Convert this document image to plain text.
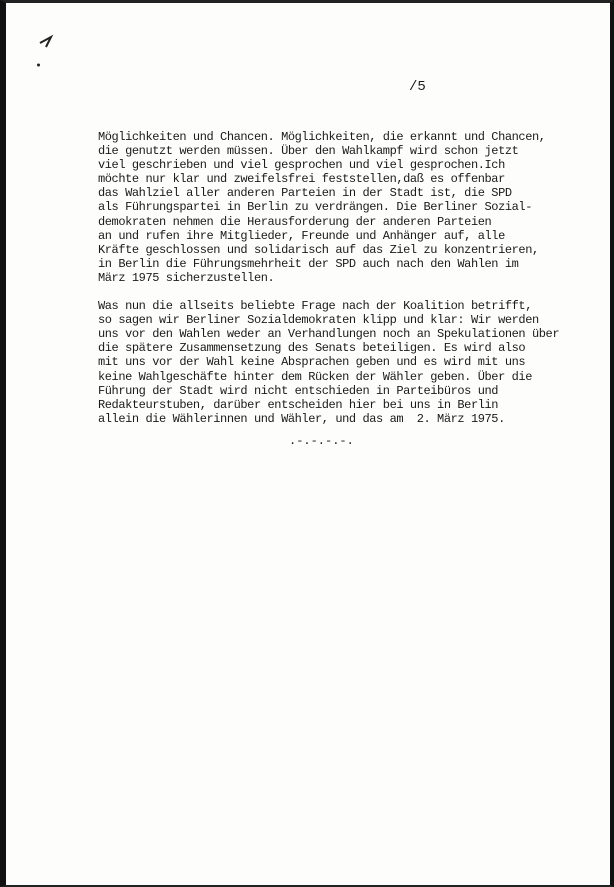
/5

Möglichkeiten und Chancen. Möglichkeiten, die erkannt und Chancen,
die genutzt werden müssen. Über den Wahlkampf wird schon jetzt
viel geschrieben und viel gesprochen und viel gesprochen.Ich
möchte nur klar und zweifelsfrei feststellen,daß es offenbar
das Wahlziel aller anderen Parteien in der Stadt ist, die SPD
als Führungspartei in Berlin zu verdrängen. Die Berliner Sozial-
demokraten nehmen die Herausforderung der anderen Parteien
an und rufen ihre Mitglieder, Freunde und Anhänger auf, alle
Kräfte geschlossen und solidarisch auf das Ziel zu konzentrieren,
in Berlin die Führungsmehrheit der SPD auch nach den Wahlen im
März 1975 sicherzustellen.

Was nun die allseits beliebte Frage nach der Koalition betrifft,
so sagen wir Berliner Sozialdemokraten klipp und klar: Wir werden
uns vor den Wahlen weder an Verhandlungen noch an Spekulationen über
die spätere Zusammensetzung des Senats beteiligen. Es wird also
mit uns vor der Wahl keine Absprachen geben und es wird mit uns
keine Wahlgeschäfte hinter dem Rücken der Wähler geben. Über die
Führung der Stadt wird nicht entschieden in Parteibüros und
Redakteurstuben, darüber entscheiden hier bei uns in Berlin
allein die Wählerinnen und Wähler, und das am  2. März 1975.

.-.-.-.-.
